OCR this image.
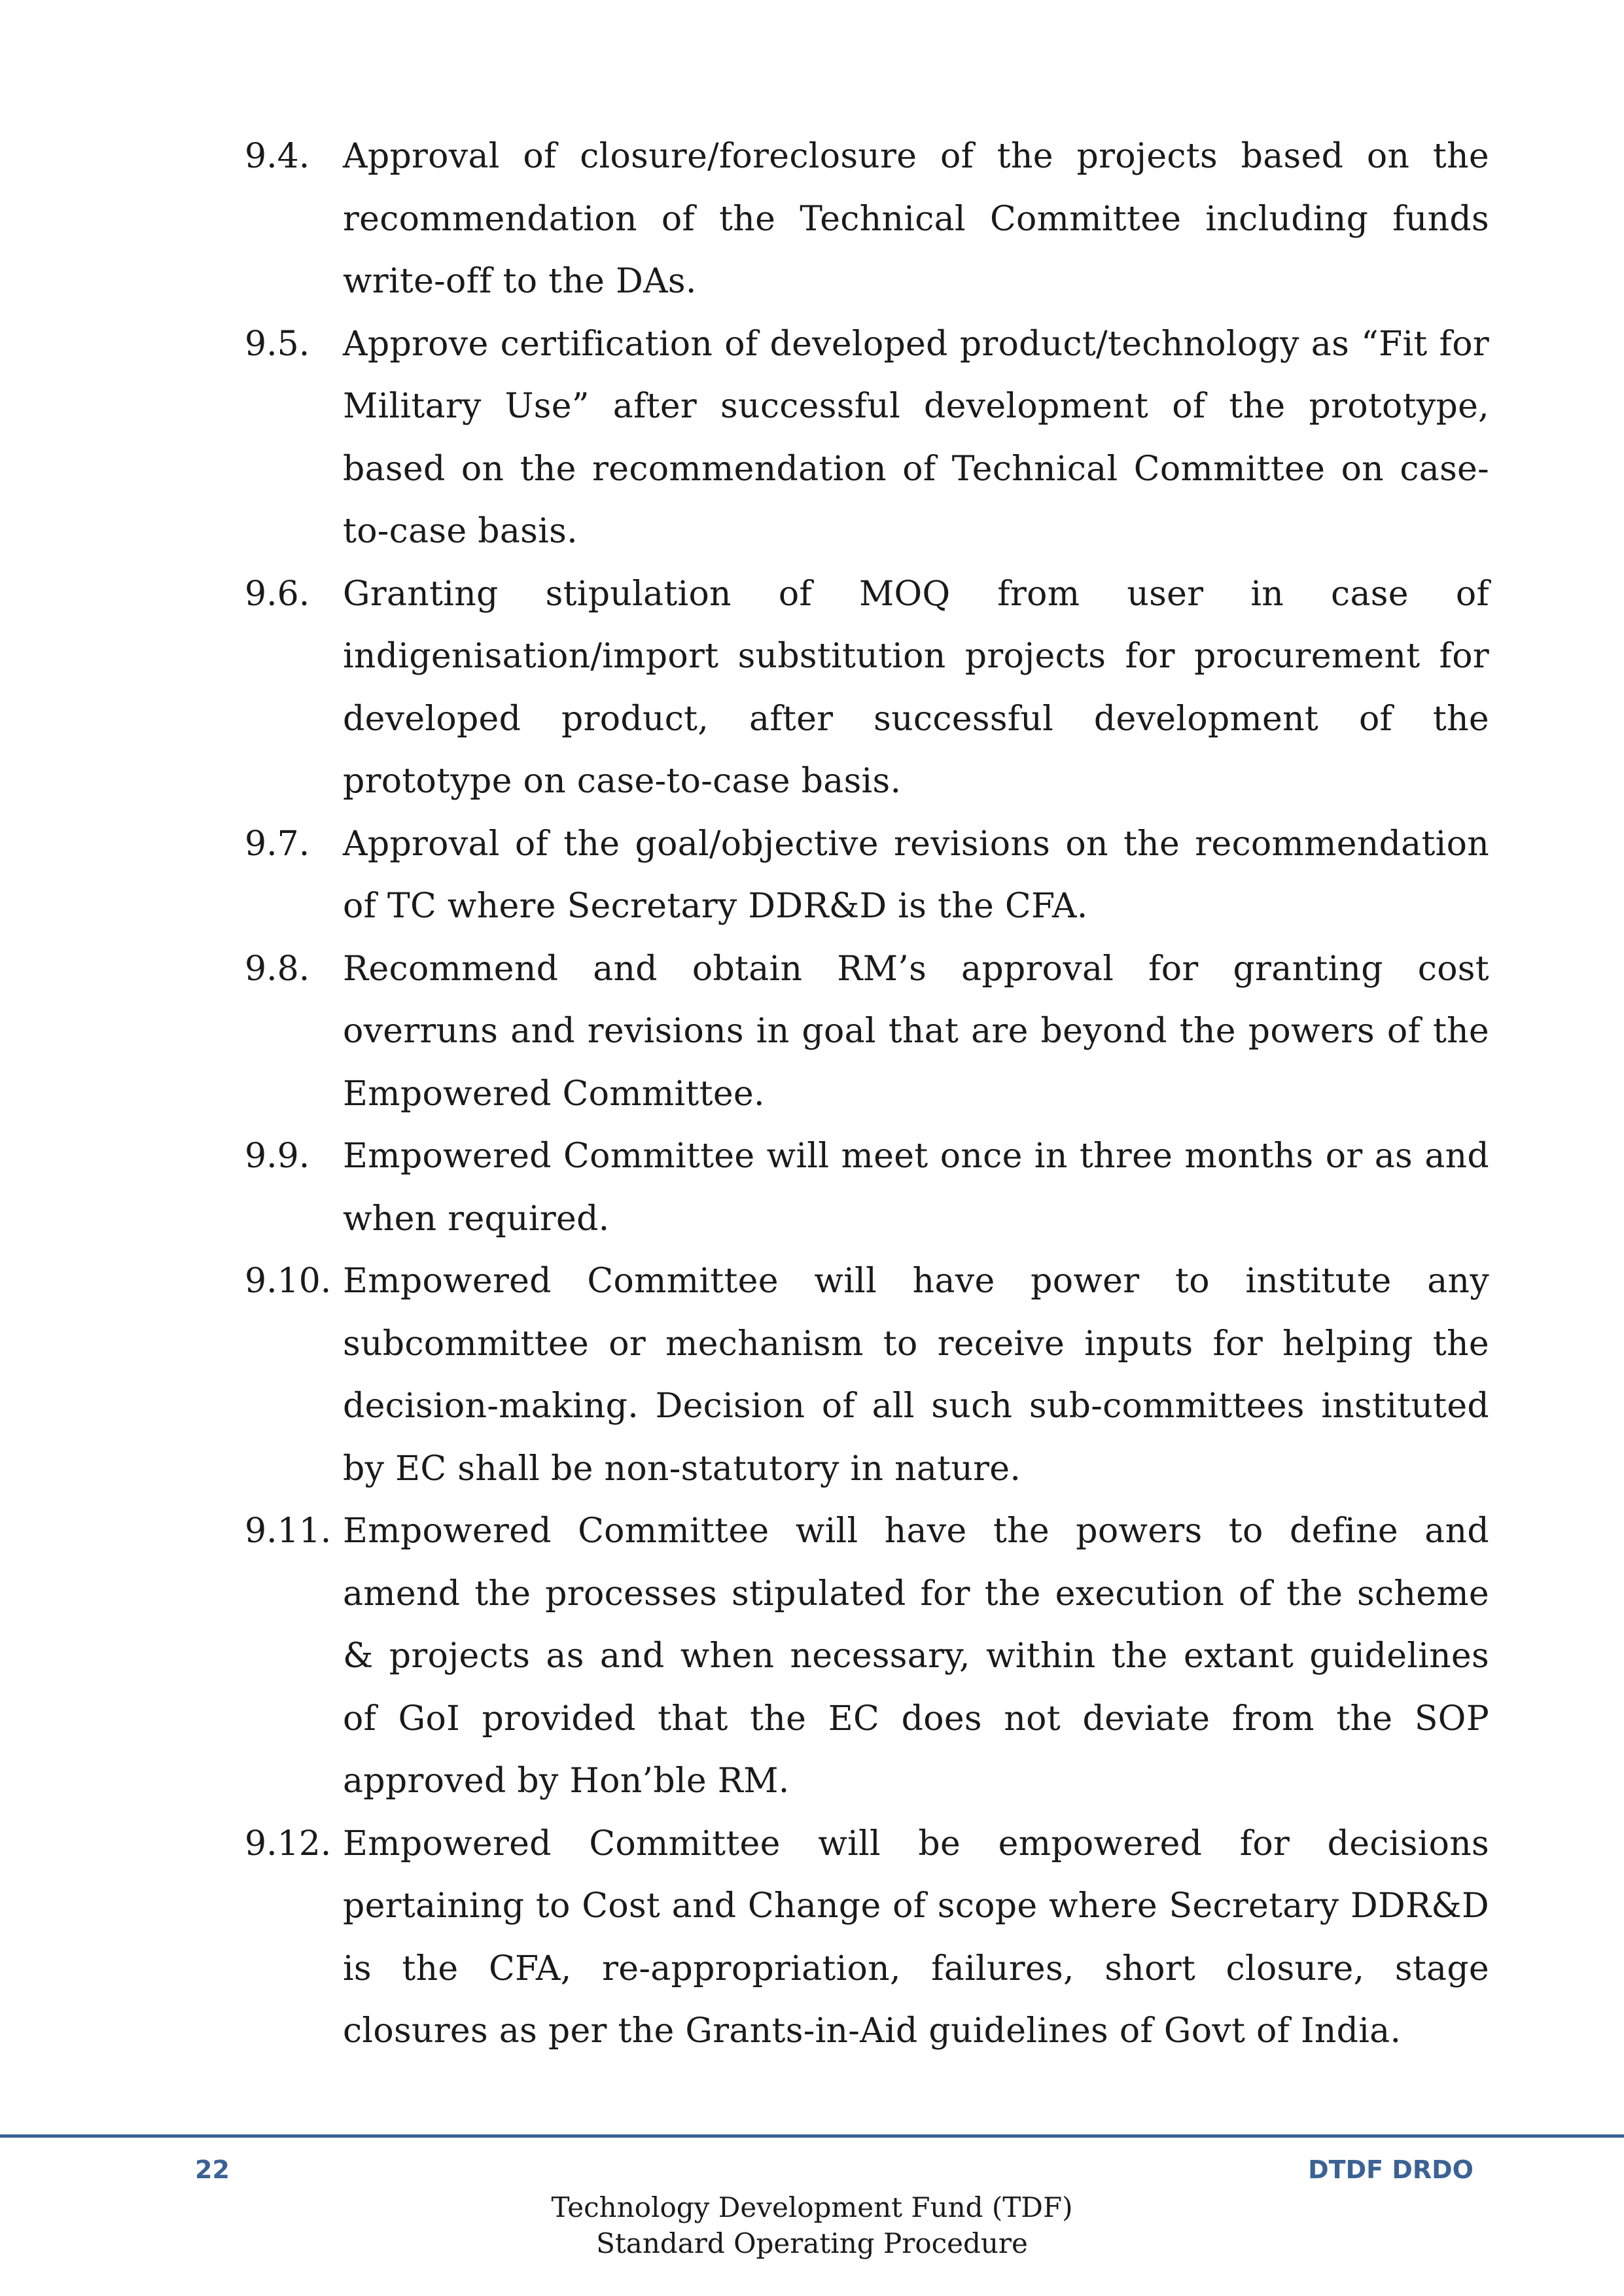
9.4. Approval of closure/foreclosure of the projects based on the recommendation of the Technical Committee including funds write-off to the DAs.
9.5. Approve certification of developed product/technology as “Fit for Military Use” after successful development of the prototype, based on the recommendation of Technical Committee on case-to-case basis.
9.6. Granting stipulation of MOQ from user in case of indigenisation/import substitution projects for procurement for developed product, after successful development of the prototype on case-to-case basis.
9.7. Approval of the goal/objective revisions on the recommendation of TC where Secretary DDR&D is the CFA.
9.8. Recommend and obtain RM’s approval for granting cost overruns and revisions in goal that are beyond the powers of the Empowered Committee.
9.9. Empowered Committee will meet once in three months or as and when required.
9.10. Empowered Committee will have power to institute any subcommittee or mechanism to receive inputs for helping the decision-making. Decision of all such sub-committees instituted by EC shall be non-statutory in nature.
9.11. Empowered Committee will have the powers to define and amend the processes stipulated for the execution of the scheme & projects as and when necessary, within the extant guidelines of GoI provided that the EC does not deviate from the SOP approved by Hon’ble RM.
9.12. Empowered Committee will be empowered for decisions pertaining to Cost and Change of scope where Secretary DDR&D is the CFA, re-appropriation, failures, short closure, stage closures as per the Grants-in-Aid guidelines of Govt of India.
22	DTDF DRDO
Technology Development Fund (TDF)
Standard Operating Procedure
